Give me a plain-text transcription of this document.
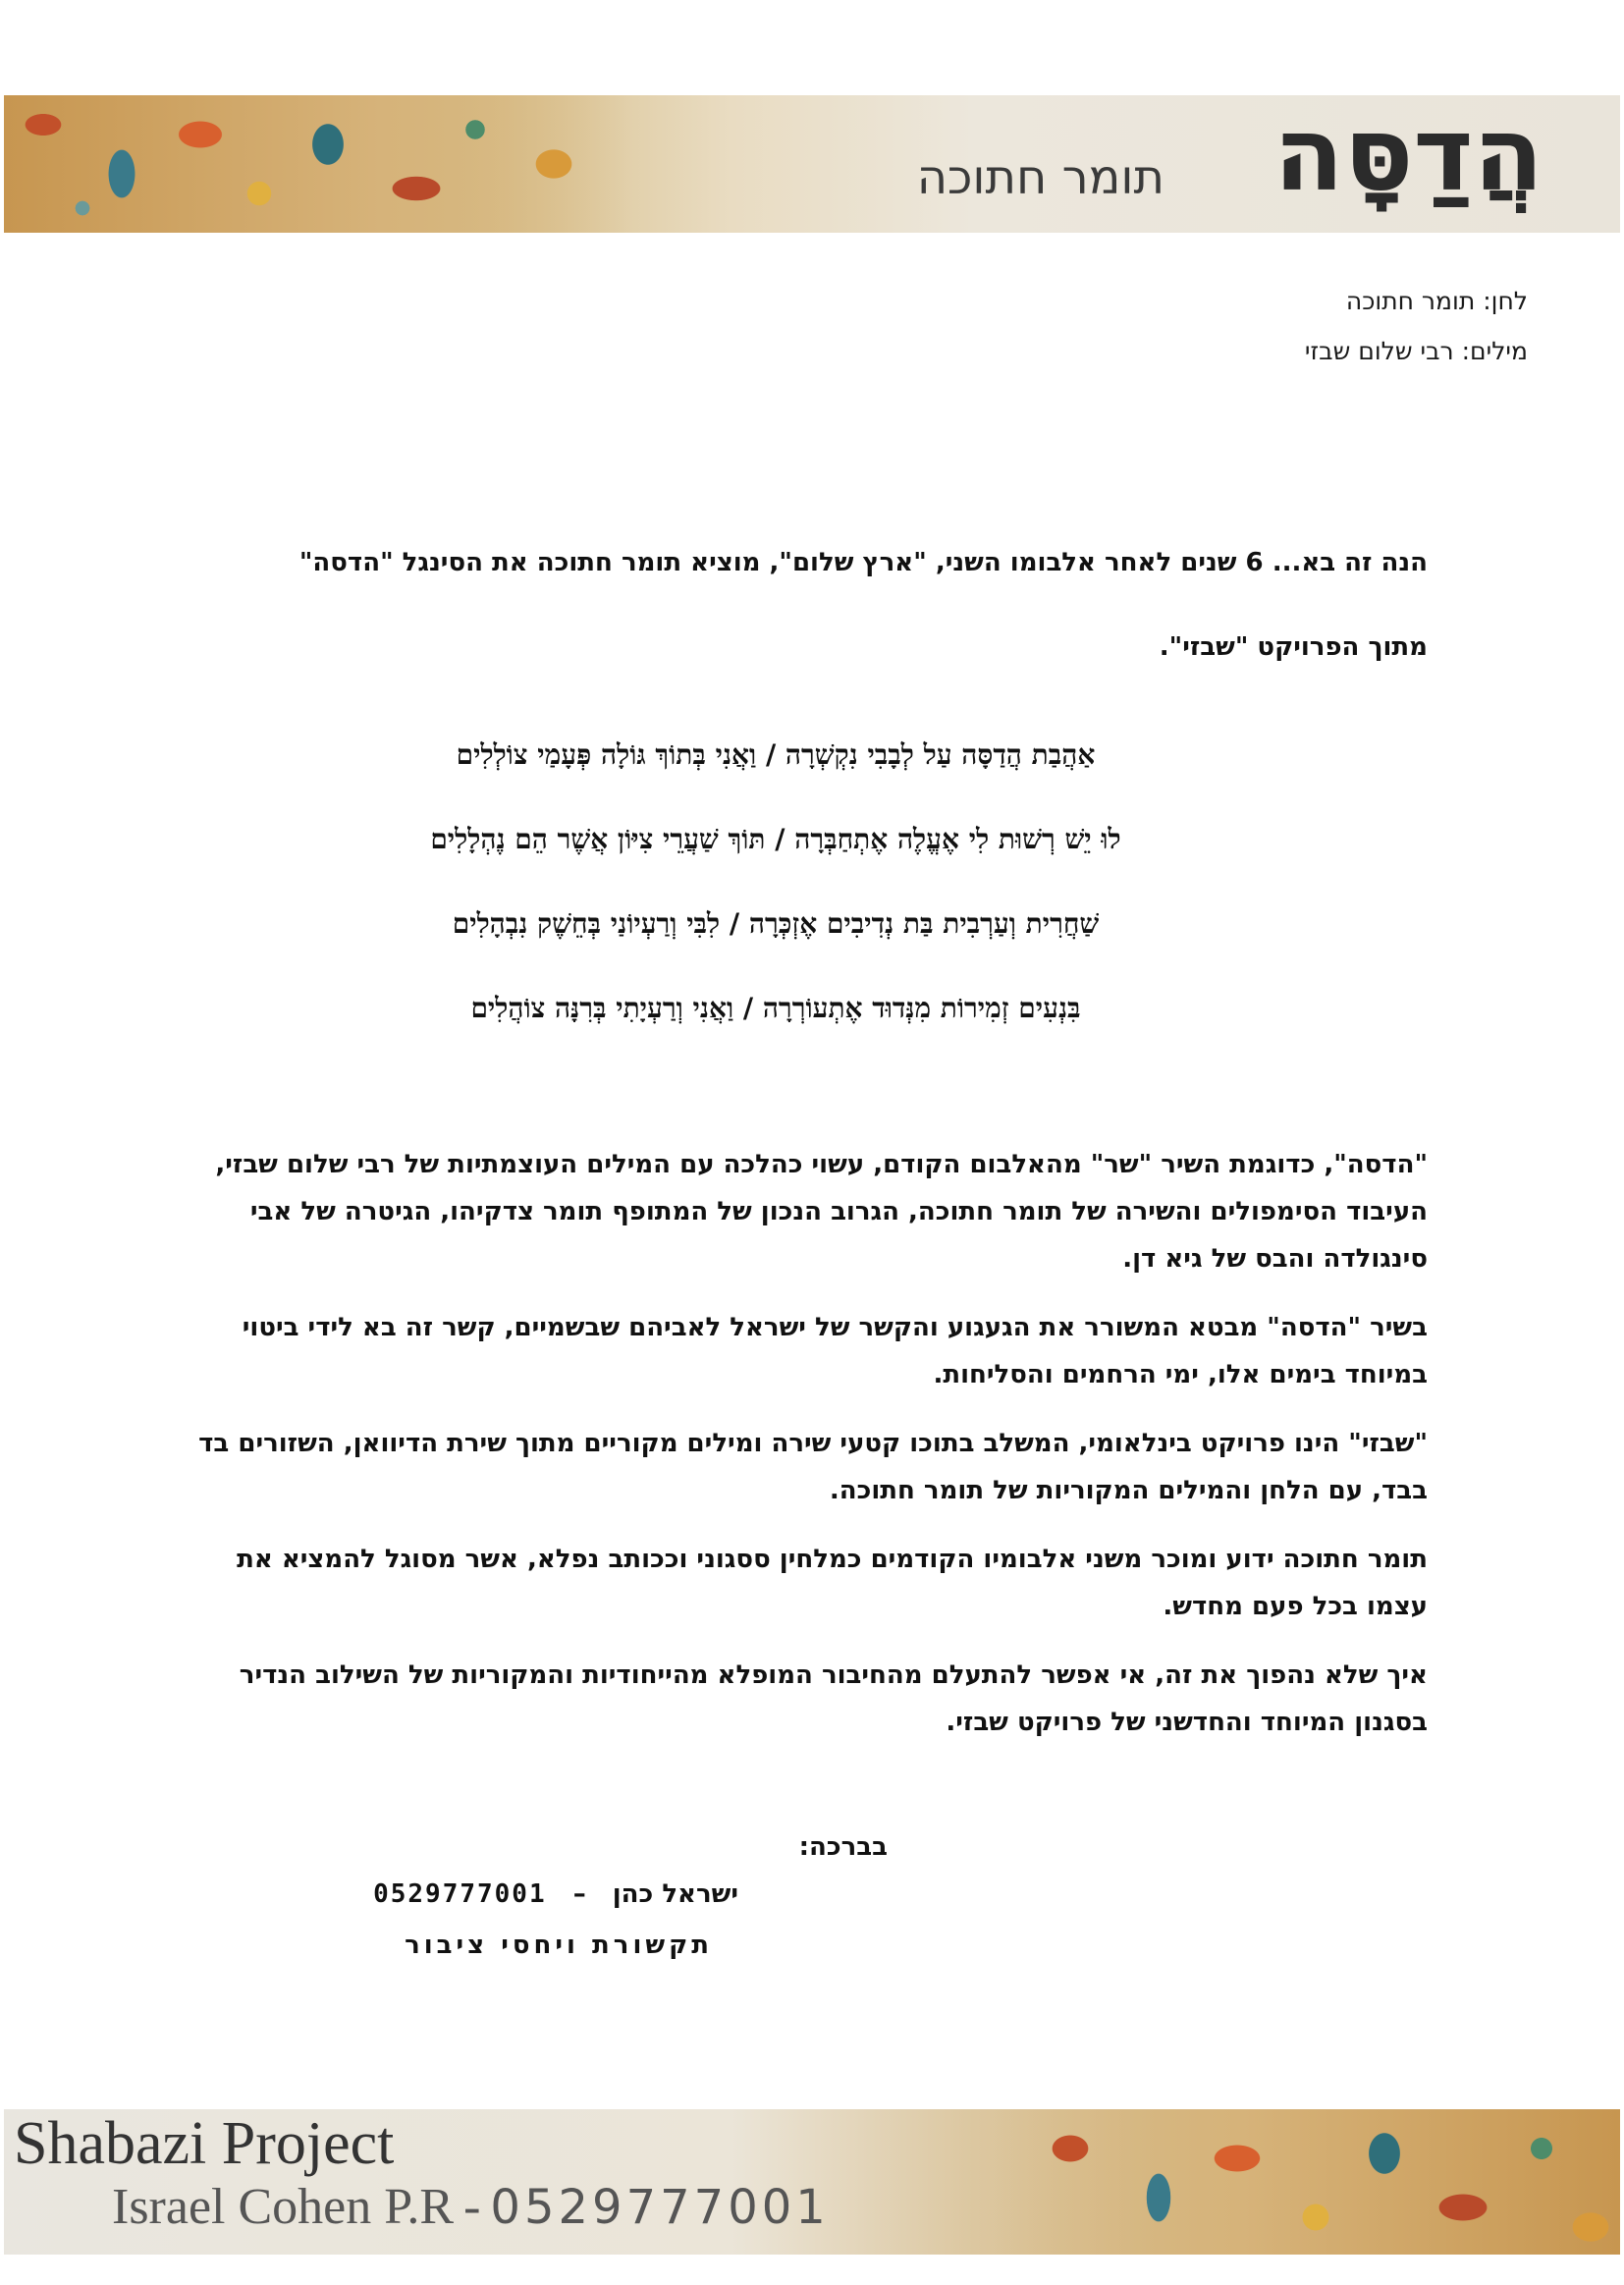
הֲדַסָּה
תומר חתוכה
לחן: תומר חתוכה
מילים: רבי שלום שבזי
הנה זה בא... 6 שנים לאחר אלבומו השני, "ארץ שלום", מוציא תומר חתוכה את הסינגל "הדסה"
מתוך הפרויקט "שבזי".
אַהֲבַת הֲדַסָּה עַל לְבָבִי נִקְשְׁרָה / וַאֲנִי בְּתוֹךְ גּוֹלָה פְּעָמַי צוֹלְלִים
לוּ יֵשׁ רְשׁוּת לִי אֶעֱלֶה אֶתְחַבְּרָה / תּוֹךְ שַׁעֲרֵי צִיּוֹן אֲשֶׁר הֵם נֶהְלָלִים
שַׁחֲרִית וְעַרְבִית בַּת נְדִיבִים אֶזְכְּרָה / לִבִּי וְרַעְיוֹנַי בְּחֵשֶׁק נִבְהָלִים
בִּנְעִים זְמִירוֹת מִנְּדוּד אֶתְעוֹרְרָה / וַאֲנִי וְרַעְיָתִי בְּרִנָּה צוֹהֲלִים

"הדסה", כדוגמת השיר "שר" מהאלבום הקודם, עשוי כהלכה עם המילים העוצמתיות של רבי שלום שבזי, העיבוד הסימפולים והשירה של תומר חתוכה, הגרוב הנכון של המתופף תומר צדקיהו, הגיטרה של אבי סינגולדה והבס של גיא דן.

בשיר "הדסה" מבטא המשורר את הגעגוע והקשר של ישראל לאביהם שבשמיים, קשר זה בא לידי ביטוי במיוחד בימים אלו, ימי הרחמים והסליחות.

"שבזי" הינו פרויקט בינלאומי, המשלב בתוכו קטעי שירה ומילים מקוריים מתוך שירת הדיוואן, השזורים בד בבד, עם הלחן והמילים המקוריות של תומר חתוכה.

תומר חתוכה ידוע ומוכר משני אלבומיו הקודמים כמלחין ססגוני וככותב נפלא, אשר מסוגל להמציא את עצמו בכל פעם מחדש.

איך שלא נהפוך את זה, אי אפשר להתעלם מהחיבור המופלא מהייחודיות והמקוריות של השילוב הנדיר בסגנון המיוחד והחדשני של פרויקט שבזי.

בברכה:
ישראל כהן – 0529777001
תקשורת ויחסי ציבור
Shabazi Project
Israel Cohen P.R - 0529777001
